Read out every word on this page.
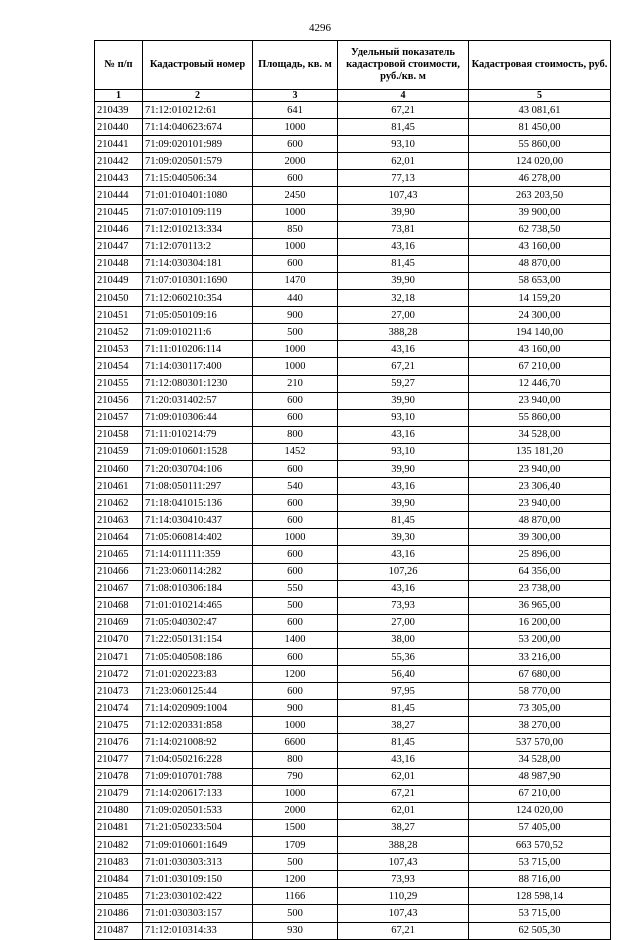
4296
№ п/п	Кадастровый номер	Площадь, кв. м	Удельный показатель кадастровой стоимости, руб./кв. м	Кадастровая стоимость, руб.
1	2	3	4	5
210439	71:12:010212:61	641	67,21	43 081,61
210440	71:14:040623:674	1000	81,45	81 450,00
210441	71:09:020101:989	600	93,10	55 860,00
210442	71:09:020501:579	2000	62,01	124 020,00
210443	71:15:040506:34	600	77,13	46 278,00
210444	71:01:010401:1080	2450	107,43	263 203,50
210445	71:07:010109:119	1000	39,90	39 900,00
210446	71:12:010213:334	850	73,81	62 738,50
210447	71:12:070113:2	1000	43,16	43 160,00
210448	71:14:030304:181	600	81,45	48 870,00
210449	71:07:010301:1690	1470	39,90	58 653,00
210450	71:12:060210:354	440	32,18	14 159,20
210451	71:05:050109:16	900	27,00	24 300,00
210452	71:09:010211:6	500	388,28	194 140,00
210453	71:11:010206:114	1000	43,16	43 160,00
210454	71:14:030117:400	1000	67,21	67 210,00
210455	71:12:080301:1230	210	59,27	12 446,70
210456	71:20:031402:57	600	39,90	23 940,00
210457	71:09:010306:44	600	93,10	55 860,00
210458	71:11:010214:79	800	43,16	34 528,00
210459	71:09:010601:1528	1452	93,10	135 181,20
210460	71:20:030704:106	600	39,90	23 940,00
210461	71:08:050111:297	540	43,16	23 306,40
210462	71:18:041015:136	600	39,90	23 940,00
210463	71:14:030410:437	600	81,45	48 870,00
210464	71:05:060814:402	1000	39,30	39 300,00
210465	71:14:011111:359	600	43,16	25 896,00
210466	71:23:060114:282	600	107,26	64 356,00
210467	71:08:010306:184	550	43,16	23 738,00
210468	71:01:010214:465	500	73,93	36 965,00
210469	71:05:040302:47	600	27,00	16 200,00
210470	71:22:050131:154	1400	38,00	53 200,00
210471	71:05:040508:186	600	55,36	33 216,00
210472	71:01:020223:83	1200	56,40	67 680,00
210473	71:23:060125:44	600	97,95	58 770,00
210474	71:14:020909:1004	900	81,45	73 305,00
210475	71:12:020331:858	1000	38,27	38 270,00
210476	71:14:021008:92	6600	81,45	537 570,00
210477	71:04:050216:228	800	43,16	34 528,00
210478	71:09:010701:788	790	62,01	48 987,90
210479	71:14:020617:133	1000	67,21	67 210,00
210480	71:09:020501:533	2000	62,01	124 020,00
210481	71:21:050233:504	1500	38,27	57 405,00
210482	71:09:010601:1649	1709	388,28	663 570,52
210483	71:01:030303:313	500	107,43	53 715,00
210484	71:01:030109:150	1200	73,93	88 716,00
210485	71:23:030102:422	1166	110,29	128 598,14
210486	71:01:030303:157	500	107,43	53 715,00
210487	71:12:010314:33	930	67,21	62 505,30
